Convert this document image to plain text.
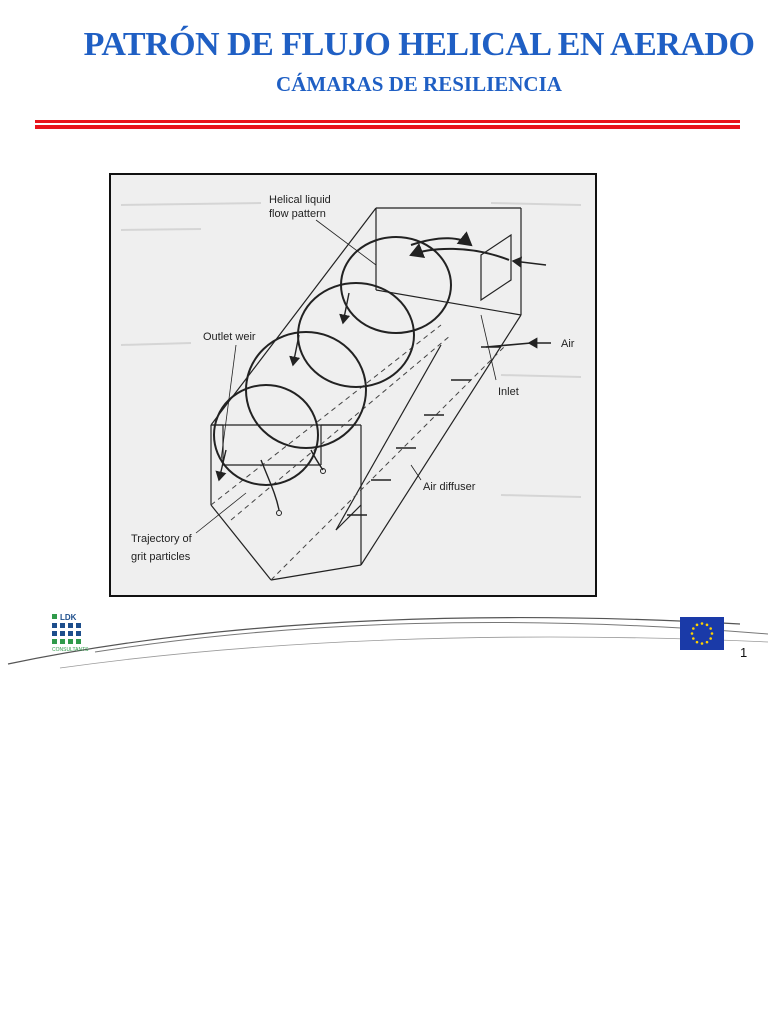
PATRÓN DE FLUJO HELICAL EN AERADO
CÁMARAS DE RESILIENCIA
Helical liquid
flow pattern
Outlet weir
Air
Inlet
Air diffuser
Trajectory of
grit particles
LDK
CONSULTANTS	1
